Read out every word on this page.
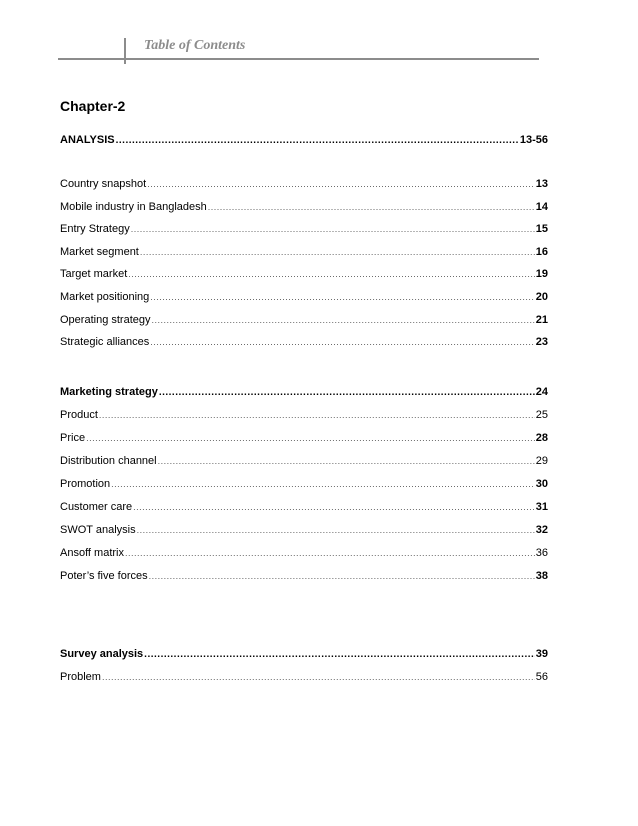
Table of Contents
Chapter-2
ANALYSIS .....	13-56
Country snapshot .....	13
Mobile industry in Bangladesh .....	14
Entry Strategy .....	15
Market segment .....	16
Target market .....	19
Market positioning .....	20
Operating strategy .....	21
Strategic alliances .....	23
Marketing strategy .....	24
Product .....	25
Price .....	28
Distribution channel .....	29
Promotion .....	30
Customer care .....	31
SWOT analysis .....	32
Ansoff matrix .....	36
Poter’s five forces .....	38
Survey analysis .....	39
Problem .....	56
